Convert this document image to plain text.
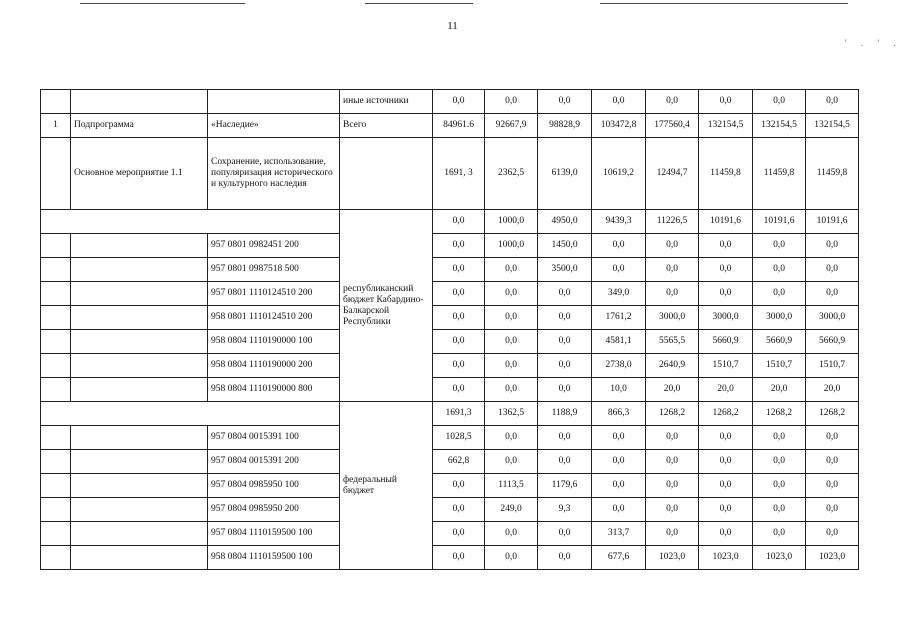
11
' . ' .
			иные источники	0,0	0,0	0,0	0,0	0,0	0,0	0,0	0,0
1	Подпрограмма	«Наследие»	Всего	84961.6	92667,9	98828,9	103472,8	177560,4	132154,5	132154,5	132154,5
	Основное мероприятие 1.1	Сохранение, использование, популяризация исторического и культурного наследия		1691, 3	2362,5	6139,0	10619,2	12494,7	11459,8	11459,8	11459,8
			республиканский бюджет Кабардино-Балкарской Республики	0,0	1000,0	4950,0	9439,3	11226,5	10191,6	10191,6	10191,6
		957 0801 0982451 200		0,0	1000,0	1450,0	0,0	0,0	0,0	0,0	0,0
		957 0801 0987518 500		0,0	0,0	3500,0	0,0	0,0	0,0	0,0	0,0
		957 0801 1110124510 200		0,0	0,0	0,0	349,0	0,0	0,0	0,0	0,0
		958 0801 1110124510 200		0,0	0,0	0,0	1761,2	3000,0	3000,0	3000,0	3000,0
		958 0804 1110190000 100		0,0	0,0	0,0	4581,1	5565,5	5660,9	5660,9	5660,9
		958 0804 1110190000 200		0,0	0,0	0,0	2738,0	2640,9	1510,7	1510,7	1510,7
		958 0804 1110190000 800		0,0	0,0	0,0	10,0	20,0	20,0	20,0	20,0
			федеральный бюджет	1691,3	1362,5	1188,9	866,3	1268,2	1268,2	1268,2	1268,2
		957 0804 0015391 100		1028,5	0,0	0,0	0,0	0,0	0,0	0,0	0,0
		957 0804 0015391 200		662,8	0,0	0,0	0,0	0,0	0,0	0,0	0,0
		957 0804 0985950 100		0,0	1113,5	1179,6	0,0	0,0	0,0	0,0	0,0
		957 0804 0985950 200		0,0	249,0	9,3	0,0	0,0	0,0	0,0	0,0
		957 0804 1110159500 100		0,0	0,0	0,0	313,7	0,0	0,0	0,0	0,0
		958 0804 1110159500 100		0,0	0,0	0,0	677,6	1023,0	1023,0	1023,0	1023,0
